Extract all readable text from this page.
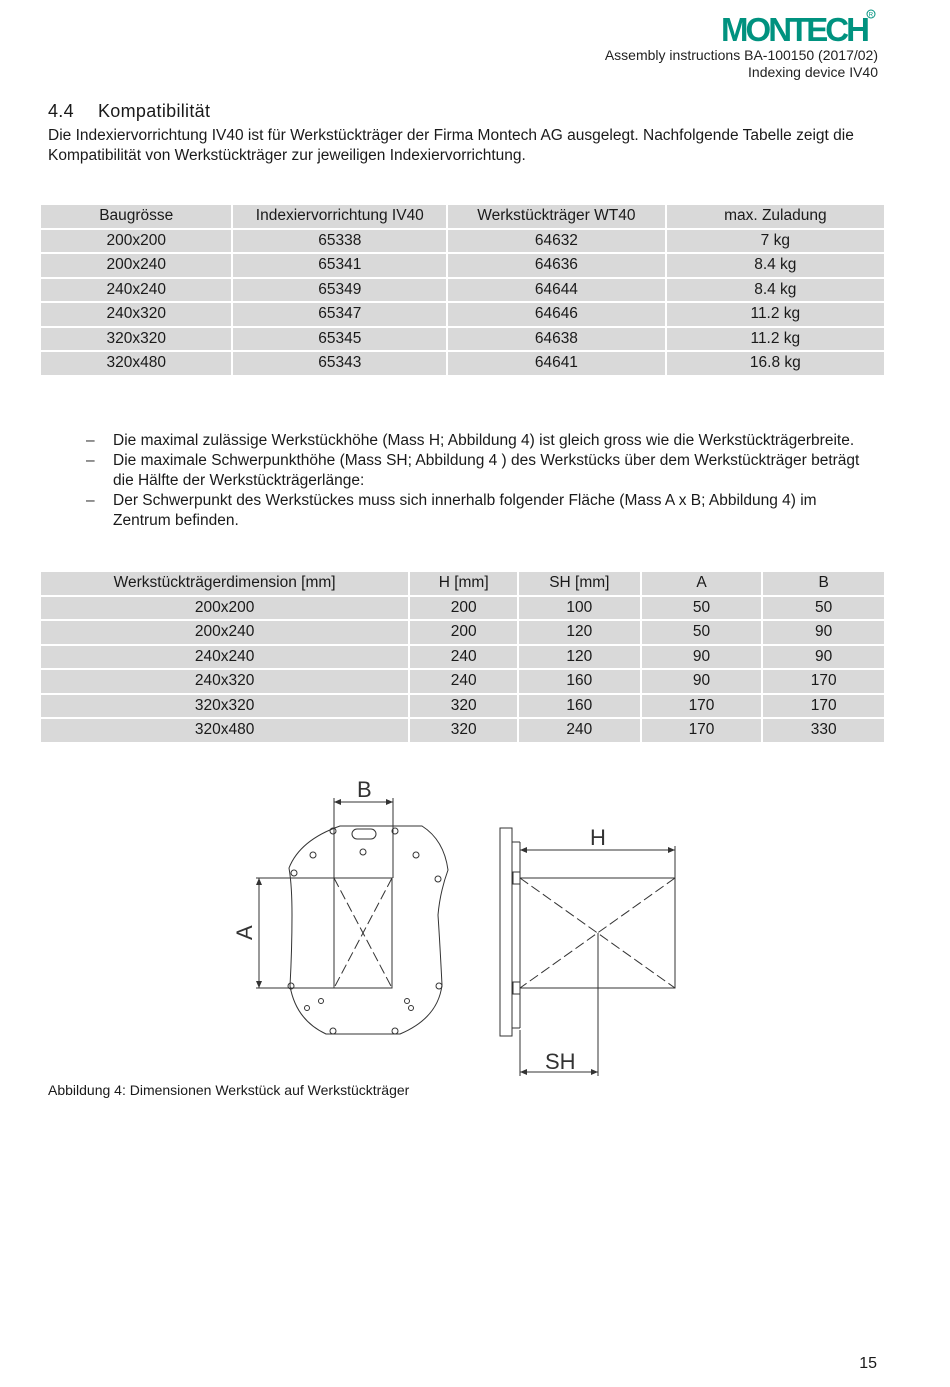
MONTECH R
Assembly instructions BA-100150 (2017/02)
Indexing device IV40
4.4 Kompatibilität
Die Indexiervorrichtung IV40 ist für Werkstückträger der Firma Montech AG ausgelegt. Nachfolgende Tabelle zeigt die Kompatibilität von Werkstückträger zur jeweiligen Indexiervorrichtung.
Baugrösse	Indexiervorrichtung IV40	Werkstückträger WT40	max. Zuladung
200x200	65338	64632	7 kg
200x240	65341	64636	8.4 kg
240x240	65349	64644	8.4 kg
240x320	65347	64646	11.2 kg
320x320	65345	64638	11.2 kg
320x480	65343	64641	16.8 kg
– Die maximal zulässige Werkstückhöhe (Mass H; Abbildung 4) ist gleich gross wie die Werkstückträgerbreite.
– Die maximale Schwerpunkthöhe (Mass SH; Abbildung 4 ) des Werkstücks über dem Werkstückträger beträgt die Hälfte der Werkstückträgerlänge:
– Der Schwerpunkt des Werkstückes muss sich innerhalb folgender Fläche (Mass A x B; Abbildung 4) im Zentrum befinden.
Werkstückträgerdimension [mm]	H [mm]	SH [mm]	A	B
200x200	200	100	50	50
200x240	200	120	50	90
240x240	240	120	90	90
240x320	240	160	90	170
320x320	320	160	170	170
320x480	320	240	170	330
B
A
H
SH
Abbildung 4: Dimensionen Werkstück auf Werkstückträger
15
